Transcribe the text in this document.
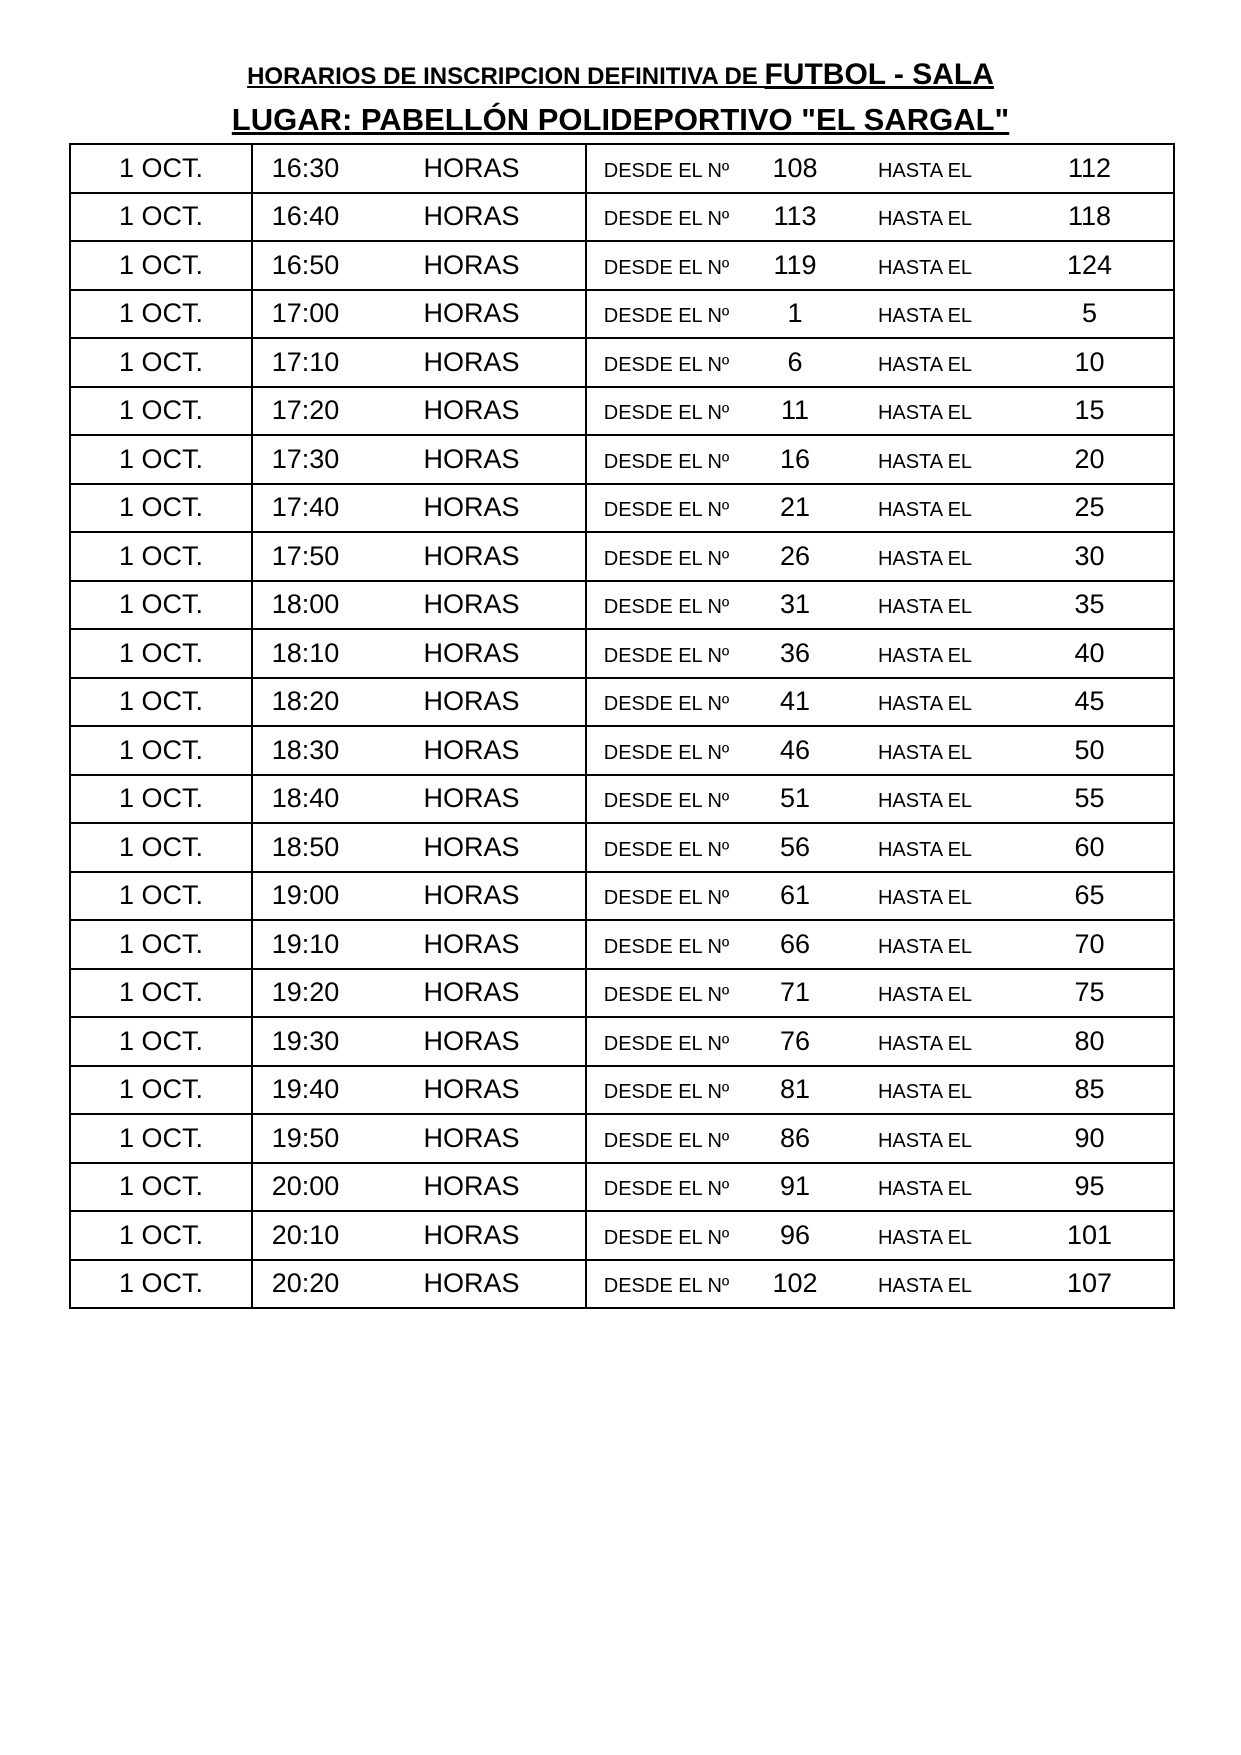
HORARIOS DE INSCRIPCION DEFINITIVA DE FUTBOL - SALA
LUGAR: PABELLÓN POLIDEPORTIVO "EL SARGAL"
1 OCT.	16:30	HORAS	DESDE EL Nº	108	HASTA EL	112
1 OCT.	16:40	HORAS	DESDE EL Nº	113	HASTA EL	118
1 OCT.	16:50	HORAS	DESDE EL Nº	119	HASTA EL	124
1 OCT.	17:00	HORAS	DESDE EL Nº	1	HASTA EL	5
1 OCT.	17:10	HORAS	DESDE EL Nº	6	HASTA EL	10
1 OCT.	17:20	HORAS	DESDE EL Nº	11	HASTA EL	15
1 OCT.	17:30	HORAS	DESDE EL Nº	16	HASTA EL	20
1 OCT.	17:40	HORAS	DESDE EL Nº	21	HASTA EL	25
1 OCT.	17:50	HORAS	DESDE EL Nº	26	HASTA EL	30
1 OCT.	18:00	HORAS	DESDE EL Nº	31	HASTA EL	35
1 OCT.	18:10	HORAS	DESDE EL Nº	36	HASTA EL	40
1 OCT.	18:20	HORAS	DESDE EL Nº	41	HASTA EL	45
1 OCT.	18:30	HORAS	DESDE EL Nº	46	HASTA EL	50
1 OCT.	18:40	HORAS	DESDE EL Nº	51	HASTA EL	55
1 OCT.	18:50	HORAS	DESDE EL Nº	56	HASTA EL	60
1 OCT.	19:00	HORAS	DESDE EL Nº	61	HASTA EL	65
1 OCT.	19:10	HORAS	DESDE EL Nº	66	HASTA EL	70
1 OCT.	19:20	HORAS	DESDE EL Nº	71	HASTA EL	75
1 OCT.	19:30	HORAS	DESDE EL Nº	76	HASTA EL	80
1 OCT.	19:40	HORAS	DESDE EL Nº	81	HASTA EL	85
1 OCT.	19:50	HORAS	DESDE EL Nº	86	HASTA EL	90
1 OCT.	20:00	HORAS	DESDE EL Nº	91	HASTA EL	95
1 OCT.	20:10	HORAS	DESDE EL Nº	96	HASTA EL	101
1 OCT.	20:20	HORAS	DESDE EL Nº	102	HASTA EL	107
